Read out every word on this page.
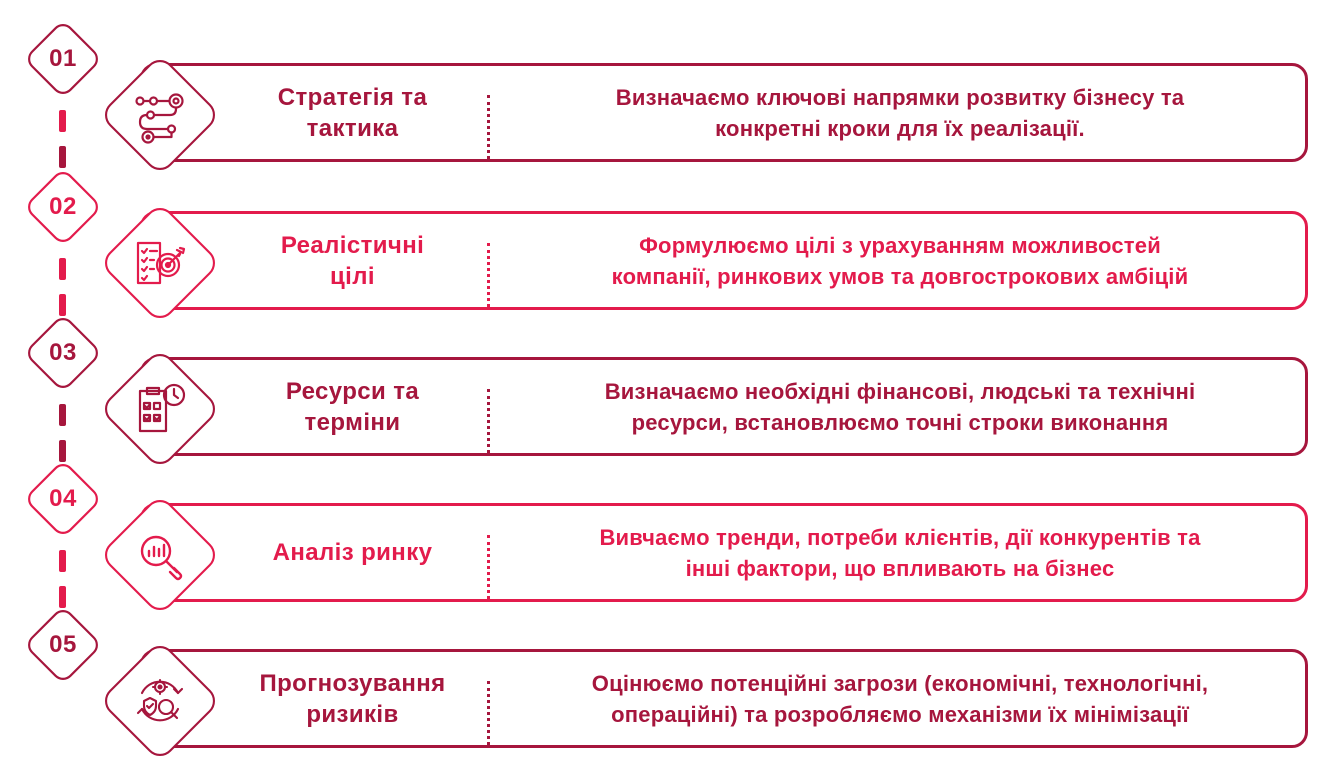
01
Стратегія та
тактика
Визначаємо ключові напрямки розвитку бізнесу та
конкретні кроки для їх реалізації.
02
Реалістичні
цілі
Формулюємо цілі з урахуванням можливостей
компанії, ринкових умов та довгострокових амбіцій
03
Ресурси та
терміни
Визначаємо необхідні фінансові, людські та технічні
ресурси, встановлюємо точні строки виконання
04
Аналіз ринку
Вивчаємо тренди, потреби клієнтів, дії конкурентів та
інші фактори, що впливають на бізнес
05
Прогнозування
ризиків
Оцінюємо потенційні загрози (економічні, технологічні,
операційні) та розробляємо механізми їх мінімізації
